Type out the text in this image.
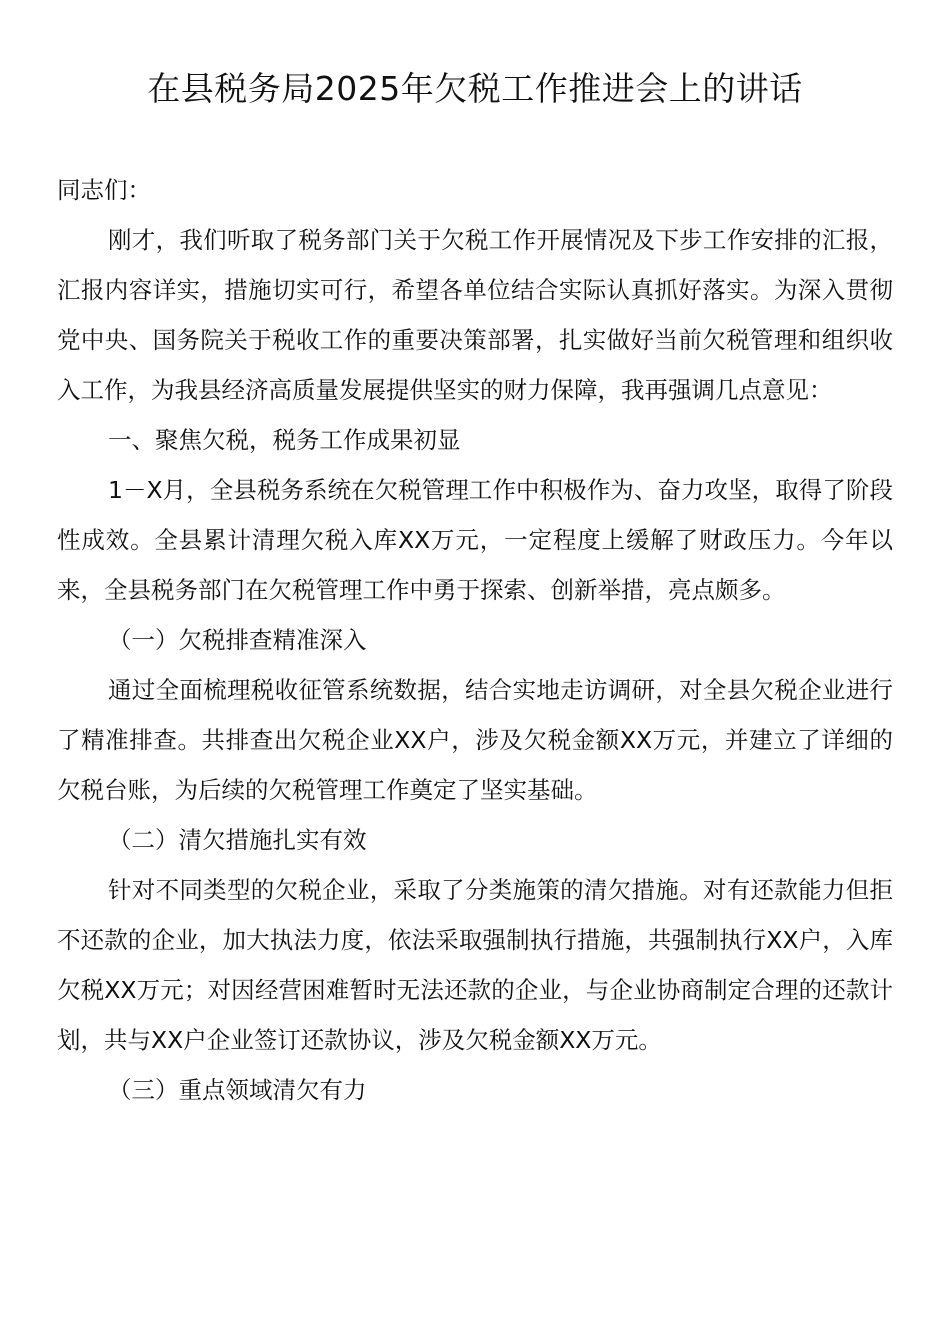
在县税务局2025年欠税工作推进会上的讲话

同志们：

刚才，我们听取了税务部门关于欠税工作开展情况及下步工作安排的汇报，汇报内容详实，措施切实可行，希望各单位结合实际认真抓好落实。为深入贯彻党中央、国务院关于税收工作的重要决策部署，扎实做好当前欠税管理和组织收入工作，为我县经济高质量发展提供坚实的财力保障，我再强调几点意见：

一、聚焦欠税，税务工作成果初显

1－X月，全县税务系统在欠税管理工作中积极作为、奋力攻坚，取得了阶段性成效。全县累计清理欠税入库XX万元，一定程度上缓解了财政压力。今年以来，全县税务部门在欠税管理工作中勇于探索、创新举措，亮点颇多。

（一）欠税排查精准深入

通过全面梳理税收征管系统数据，结合实地走访调研，对全县欠税企业进行了精准排查。共排查出欠税企业XX户，涉及欠税金额XX万元，并建立了详细的欠税台账，为后续的欠税管理工作奠定了坚实基础。

（二）清欠措施扎实有效

针对不同类型的欠税企业，采取了分类施策的清欠措施。对有还款能力但拒不还款的企业，加大执法力度，依法采取强制执行措施，共强制执行XX户，入库欠税XX万元；对因经营困难暂时无法还款的企业，与企业协商制定合理的还款计划，共与XX户企业签订还款协议，涉及欠税金额XX万元。

（三）重点领域清欠有力
